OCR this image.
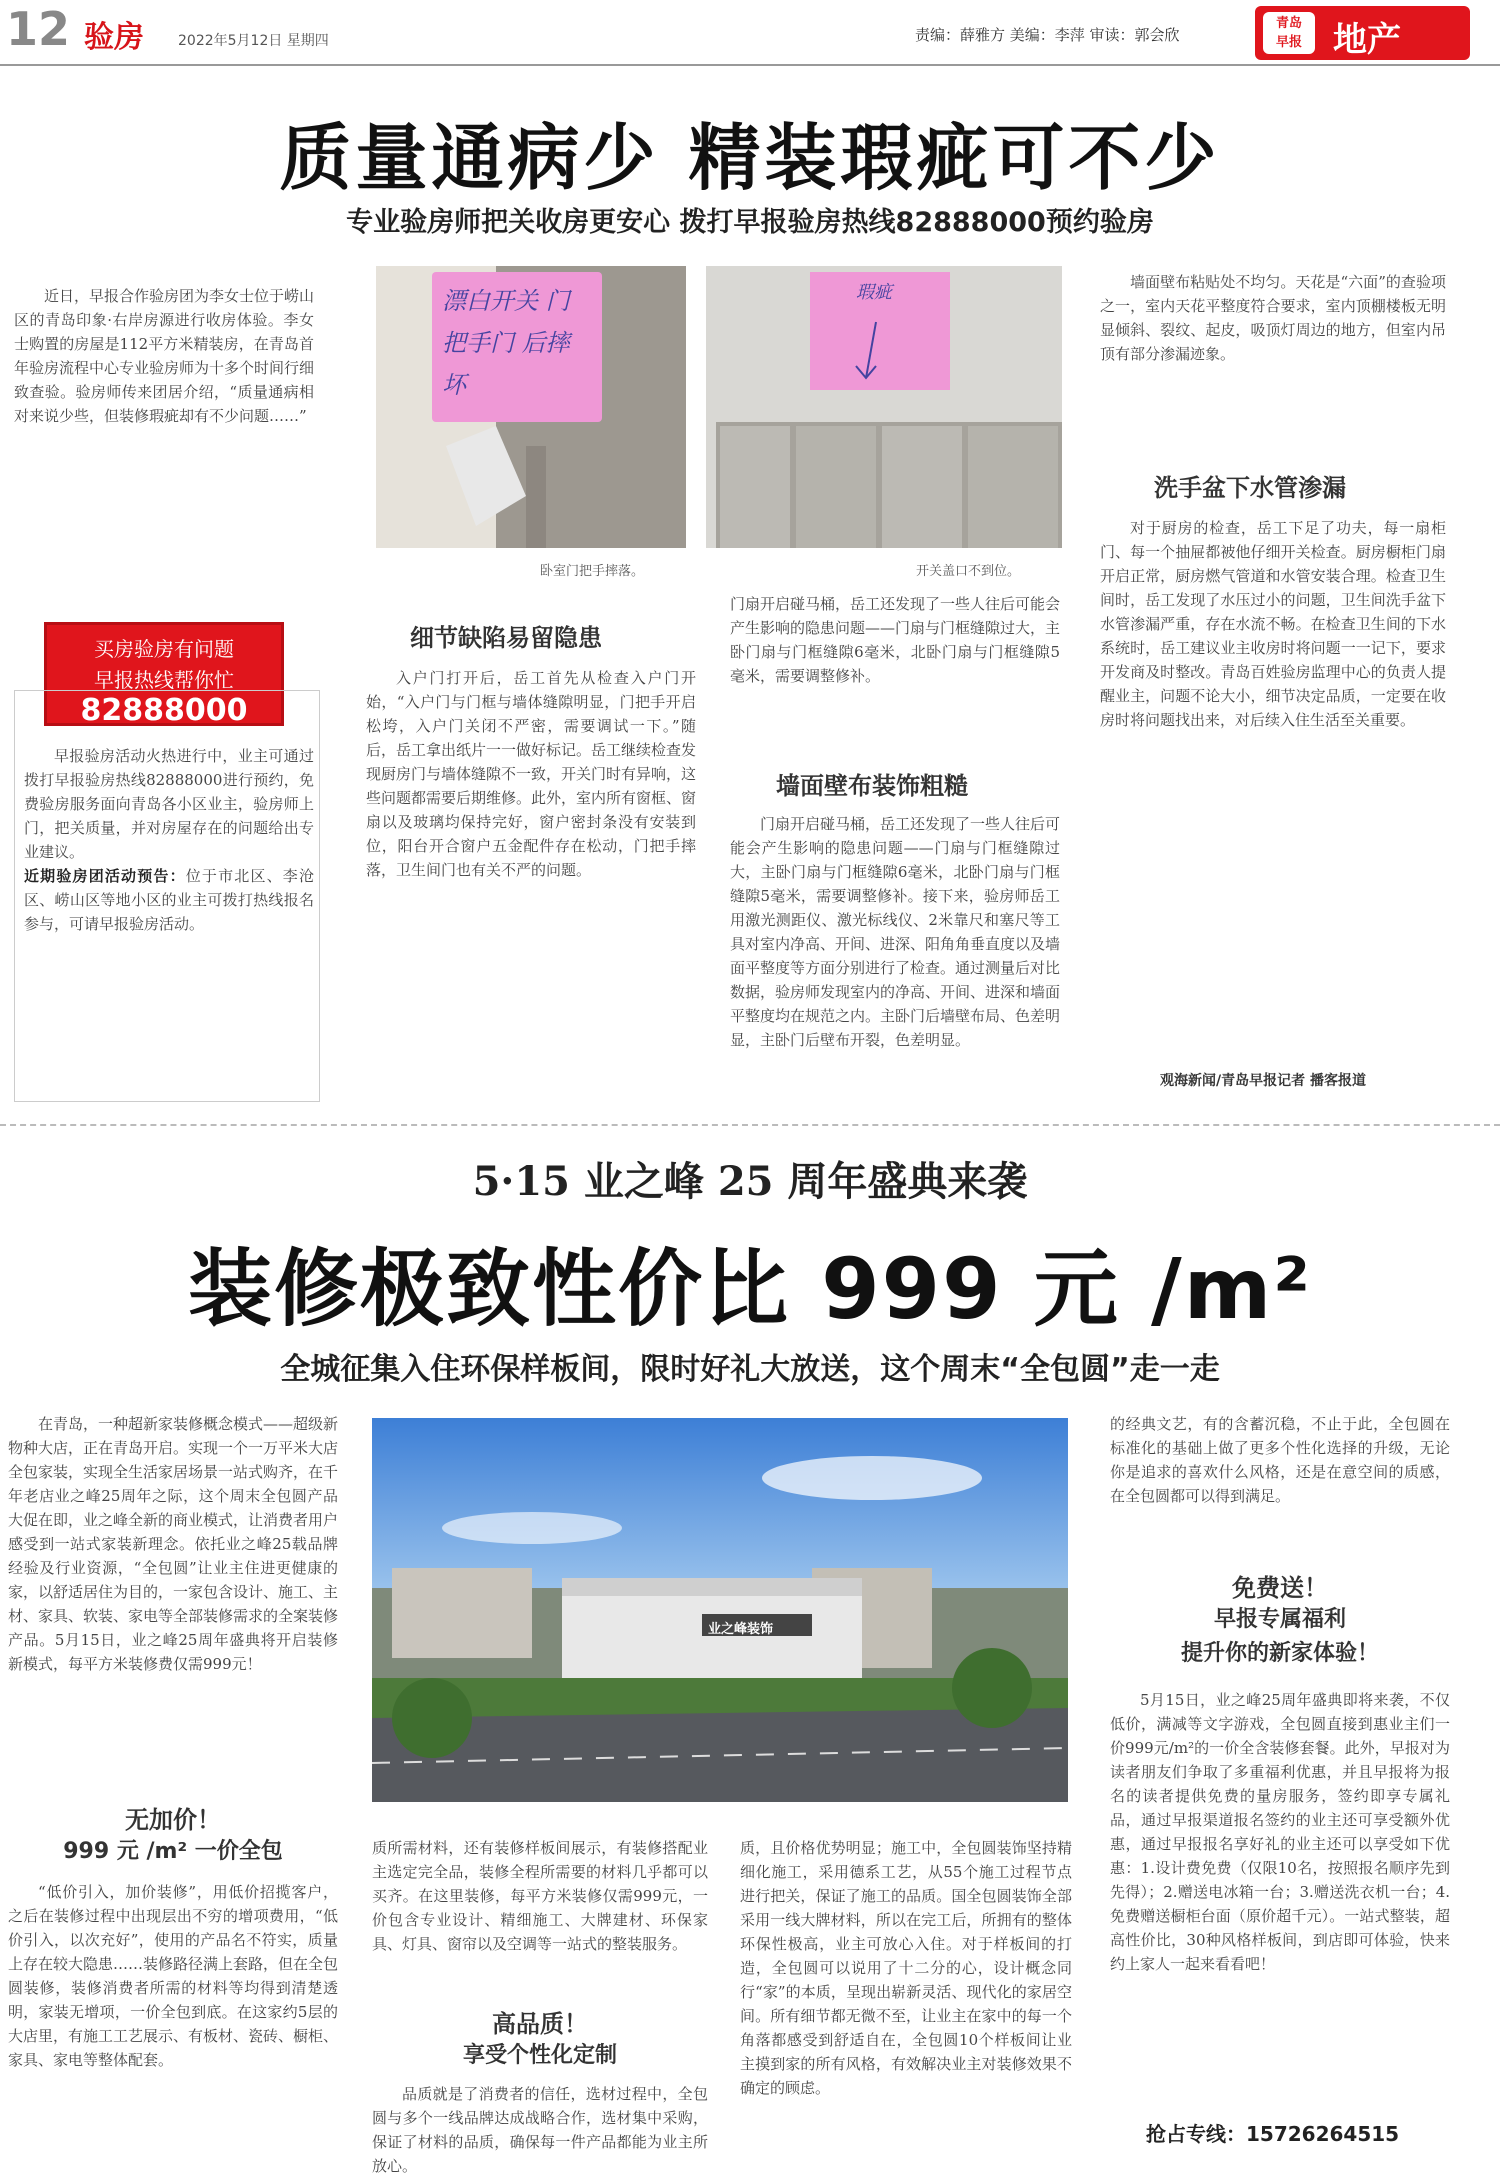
12 验房 2022年5月12日 星期四	责编：薛雅方 美编：李萍 审读：郭会欣
青岛
早报 地产
质量通病少 精装瑕疵可不少
专业验房师把关收房更安心 拨打早报验房热线82888000预约验房
近日，早报合作验房团为李女士位于崂山区的青岛印象·右岸房源进行收房体验。李女士购置的房屋是112平方米精装房，在青岛首年验房流程中心专业验房师为十多个时间行细致查验。验房师传来团居介绍，“质量通病相对来说少些，但装修瑕疵却有不少问题……”
买房验房有问题
早报热线帮你忙
82888000
早报验房活动火热进行中，业主可通过拨打早报验房热线82888000进行预约，免费验房服务面向青岛各小区业主，验房师上门，把关质量，并对房屋存在的问题给出专业建议。
近期验房团活动预告：位于市北区、李沧区、崂山区等地小区的业主可拨打热线报名参与，可请早报验房活动。
漂白开关 门把手门 后摔坏
卧室门把手摔落。
瑕疵
开关盖口不到位。
细节缺陷易留隐患
入户门打开后，岳工首先从检查入户门开始，“入户门与门框与墙体缝隙明显，门把手开启松垮，入户门关闭不严密，需要调试一下。”随后，岳工拿出纸片一一做好标记。岳工继续检查发现厨房门与墙体缝隙不一致，开关门时有异响，这些问题都需要后期维修。此外，室内所有窗框、窗扇以及玻璃均保持完好，窗户密封条没有安装到位，阳台开合窗户五金配件存在松动，门把手摔落，卫生间门也有关不严的问题。
门扇开启碰马桶，岳工还发现了一些人往后可能会产生影响的隐患问题——门扇与门框缝隙过大，主卧门扇与门框缝隙6毫米，北卧门扇与门框缝隙5毫米，需要调整修补。
墙面壁布装饰粗糙
门扇开启碰马桶，岳工还发现了一些人往后可能会产生影响的隐患问题——门扇与门框缝隙过大，主卧门扇与门框缝隙6毫米，北卧门扇与门框缝隙5毫米，需要调整修补。接下来，验房师岳工用激光测距仪、激光标线仪、2米靠尺和塞尺等工具对室内净高、开间、进深、阳角角垂直度以及墙面平整度等方面分别进行了检查。通过测量后对比数据，验房师发现室内的净高、开间、进深和墙面平整度均在规范之内。主卧门后墙壁布局、色差明显，主卧门后壁布开裂，色差明显。
墙面壁布粘贴处不均匀。天花是“六面”的查验项之一，室内天花平整度符合要求，室内顶棚楼板无明显倾斜、裂纹、起皮，吸顶灯周边的地方，但室内吊顶有部分渗漏迹象。
洗手盆下水管渗漏
对于厨房的检查，岳工下足了功夫，每一扇柜门、每一个抽屉都被他仔细开关检查。厨房橱柜门扇开启正常，厨房燃气管道和水管安装合理。检查卫生间时，岳工发现了水压过小的问题，卫生间洗手盆下水管渗漏严重，存在水流不畅。在检查卫生间的下水系统时，岳工建议业主收房时将问题一一记下，要求开发商及时整改。青岛百姓验房监理中心的负责人提醒业主，问题不论大小，细节决定品质，一定要在收房时将问题找出来，对后续入住生活至关重要。
观海新闻/青岛早报记者 播客报道
5·15 业之峰 25 周年盛典来袭
装修极致性价比 999 元 /m²
全城征集入住环保样板间，限时好礼大放送，这个周末“全包圆”走一走
在青岛，一种超新家装修概念模式——超级新物种大店，正在青岛开启。实现一个一万平米大店全包家装，实现全生活家居场景一站式购齐，在千年老店业之峰25周年之际，这个周末全包圆产品大促在即，业之峰全新的商业模式，让消费者用户感受到一站式家装新理念。依托业之峰25载品牌经验及行业资源，“全包圆”让业主住进更健康的家，以舒适居住为目的，一家包含设计、施工、主材、家具、软装、家电等全部装修需求的全案装修产品。5月15日，业之峰25周年盛典将开启装修新模式，每平方米装修费仅需999元！
无加价！
999 元 /m² 一价全包
“低价引入，加价装修”，用低价招揽客户，之后在装修过程中出现层出不穷的增项费用，“低价引入，以次充好”，使用的产品名不符实，质量上存在较大隐患……装修路径满上套路，但在全包圆装修，装修消费者所需的材料等均得到清楚透明，家装无增项，一价全包到底。在这家约5层的大店里，有施工工艺展示、有板材、瓷砖、橱柜、家具、家电等整体配套。
业之峰装饰
质所需材料，还有装修样板间展示，有装修搭配业主选定完全品，装修全程所需要的材料几乎都可以买齐。在这里装修，每平方米装修仅需999元，一价包含专业设计、精细施工、大牌建材、环保家具、灯具、窗帘以及空调等一站式的整装服务。
高品质！
享受个性化定制
品质就是了消费者的信任，选材过程中，全包圆与多个一线品牌达成战略合作，选材集中采购，保证了材料的品质，确保每一件产品都能为业主所放心。
质，且价格优势明显；施工中，全包圆装饰坚持精细化施工，采用德系工艺，从55个施工过程节点进行把关，保证了施工的品质。国全包圆装饰全部采用一线大牌材料，所以在完工后，所拥有的整体环保性极高，业主可放心入住。对于样板间的打造，全包圆可以说用了十二分的心，设计概念同行“家”的本质，呈现出崭新灵活、现代化的家居空间。所有细节都无微不至，让业主在家中的每一个角落都感受到舒适自在，全包圆10个样板间让业主摸到家的所有风格，有效解决业主对装修效果不确定的顾虑。
的经典文艺，有的含蓄沉稳，不止于此，全包圆在标准化的基础上做了更多个性化选择的升级，无论你是追求的喜欢什么风格，还是在意空间的质感，在全包圆都可以得到满足。
免费送！
早报专属福利
提升你的新家体验！
5月15日，业之峰25周年盛典即将来袭，不仅低价，满减等文字游戏，全包圆直接到惠业主们一价999元/m²的一价全含装修套餐。此外，早报对为读者朋友们争取了多重福利优惠，并且早报将为报名的读者提供免费的量房服务，签约即享专属礼品，通过早报渠道报名签约的业主还可享受额外优惠，通过早报报名享好礼的业主还可以享受如下优惠：1.设计费免费（仅限10名，按照报名顺序先到先得）；2.赠送电冰箱一台；3.赠送洗衣机一台；4.免费赠送橱柜台面（原价超千元）。一站式整装，超高性价比，30种风格样板间，到店即可体验，快来约上家人一起来看看吧！
抢占专线：15726264515
